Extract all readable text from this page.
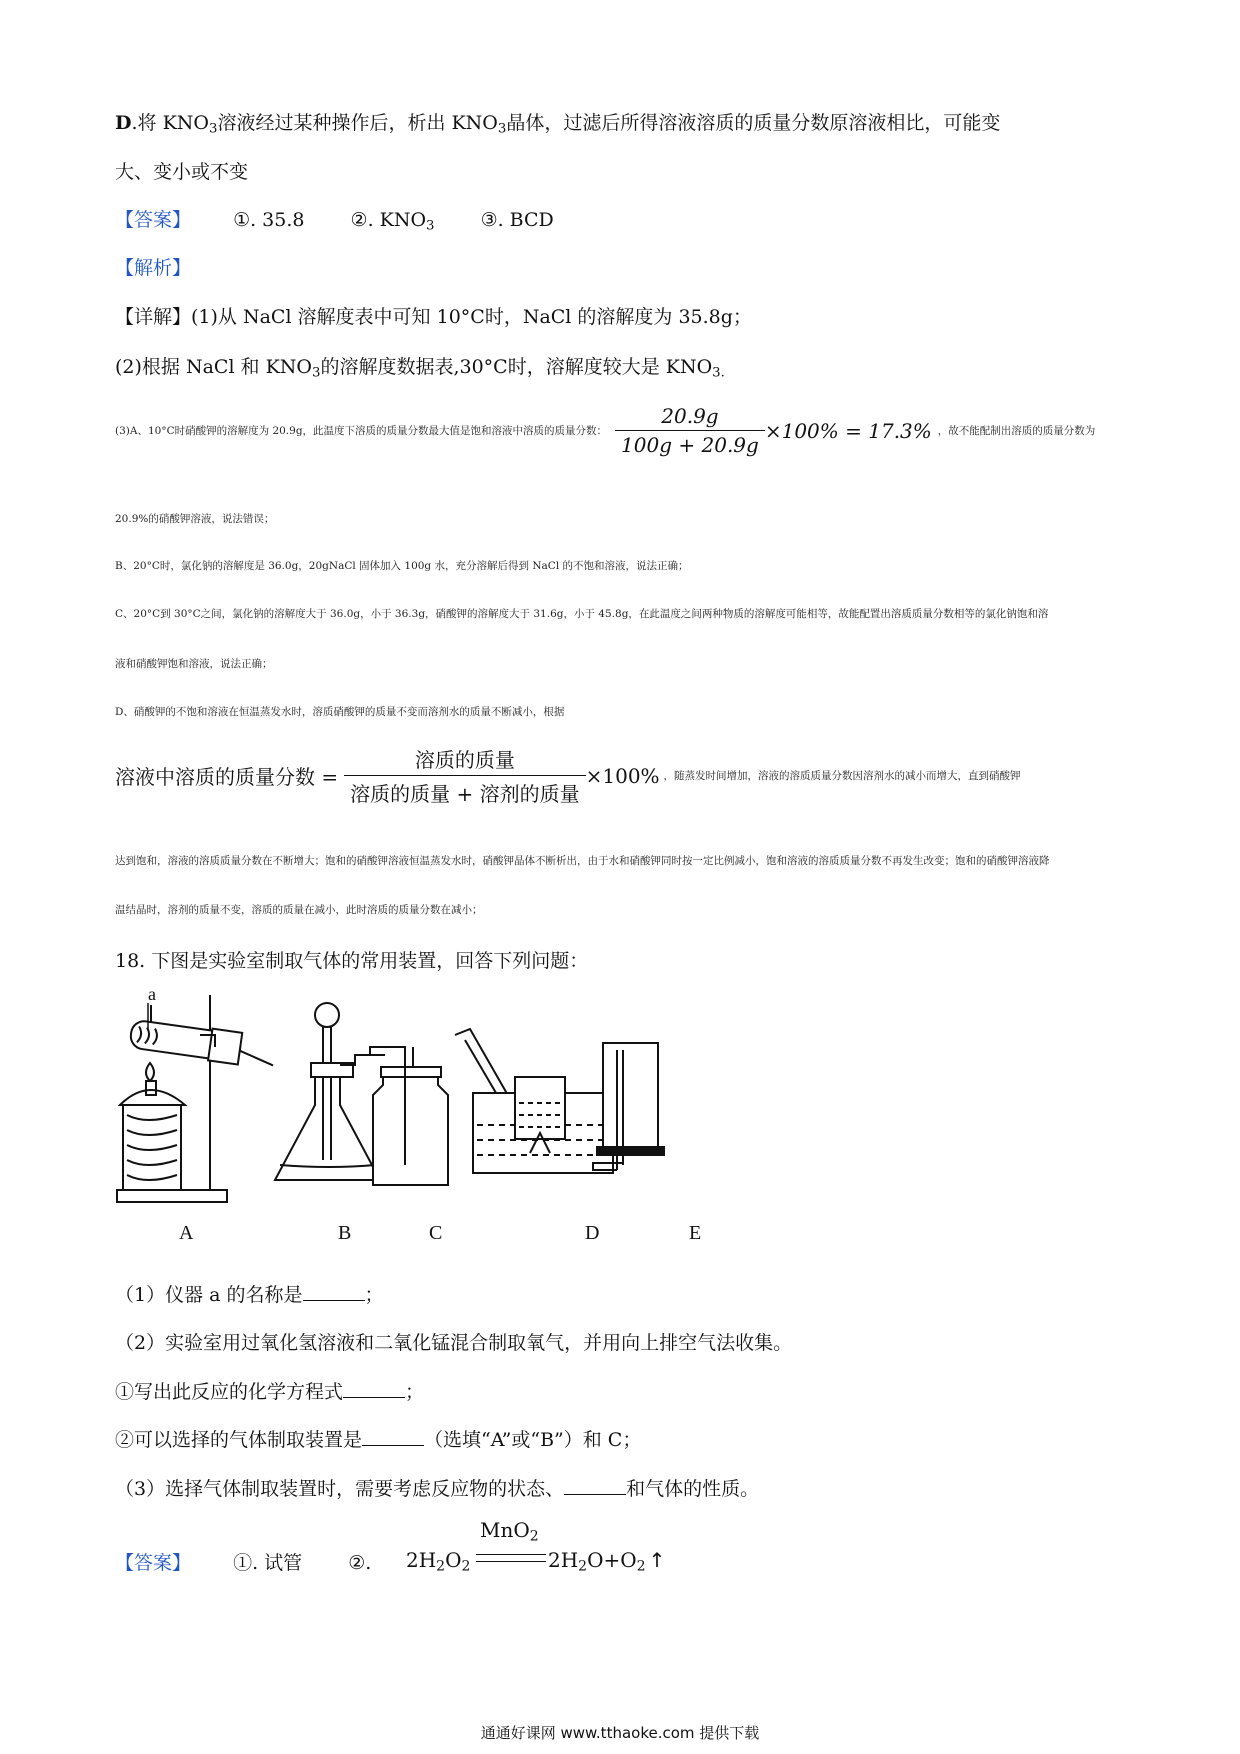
D.将 $KNO_3$溶液经过某种操作后，析出 $KNO_3$晶体，过滤后所得溶液溶质的质量分数原溶液相比，可能变
大、变小或不变
【答案】 ①. 35.8 ②. $KNO_3$ ③. BCD
【解析】
【详解】(1)从 NaCl 溶解度表中可知 10°C时，NaCl 的溶解度为 35.8g；
(2)根据 NaCl 和 $KNO_3$的溶解度数据表,30°C时，溶解度较大是 $KNO_{3.}$
(3)A、10°C时硝酸钾的溶解度为 20.9g，此温度下溶质的质量分数最大值是饱和溶液中溶质的质量分数： $\frac{20.9g}{100g + 20.9g} \times 100\% = 17.3\%$ ，故不能配制出溶质的质量分数为
20.9%的硝酸钾溶液，说法错误；
B、20°C时，氯化钠的溶解度是 36.0g，20gNaCl 固体加入 100g 水，充分溶解后得到 NaCl 的不饱和溶液，说法正确；
C、20°C到 30°C之间，氯化钠的溶解度大于 36.0g，小于 36.3g，硝酸钾的溶解度大于 31.6g，小于 45.8g，在此温度之间两种物质的溶解度可能相等，故能配置出溶质质量分数相等的氯化钠饱和溶
液和硝酸钾饱和溶液，说法正确；
D、硝酸钾的不饱和溶液在恒温蒸发水时，溶质硝酸钾的质量不变而溶剂水的质量不断减小，根据
溶液中溶质的质量分数 = $\frac{\text{溶质的质量}}{\text{溶质的质量 + 溶剂的质量}} \times 100\%$ ，随蒸发时间增加，溶液的溶质质量分数因溶剂水的减小而增大，直到硝酸钾
达到饱和，溶液的溶质质量分数在不断增大；饱和的硝酸钾溶液恒温蒸发水时，硝酸钾晶体不断析出，由于水和硝酸钾同时按一定比例减小，饱和溶液的溶质质量分数不再发生改变；饱和的硝酸钾溶液降
温结晶时，溶剂的质量不变，溶质的质量在减小，此时溶质的质量分数在减小；
18. 下图是实验室制取气体的常用装置，回答下列问题：
a
A	B	C	D	E
（1）仪器 a 的名称是	；
（2）实验室用过氧化氢溶液和二氧化锰混合制取氧气，并用向上排空气法收集。
①写出此反应的化学方程式	；
②可以选择的气体制取装置是	（选填“A”或“B”）和 C；
（3）选择气体制取装置时，需要考虑反应物的状态、	和气体的性质。
【答案】 ①. 试管 ②. $2H_2O_2$
MnO$_2$
$2H_2O+O_2$ ↑
通通好课网 www.tthaoke.com 提供下载
